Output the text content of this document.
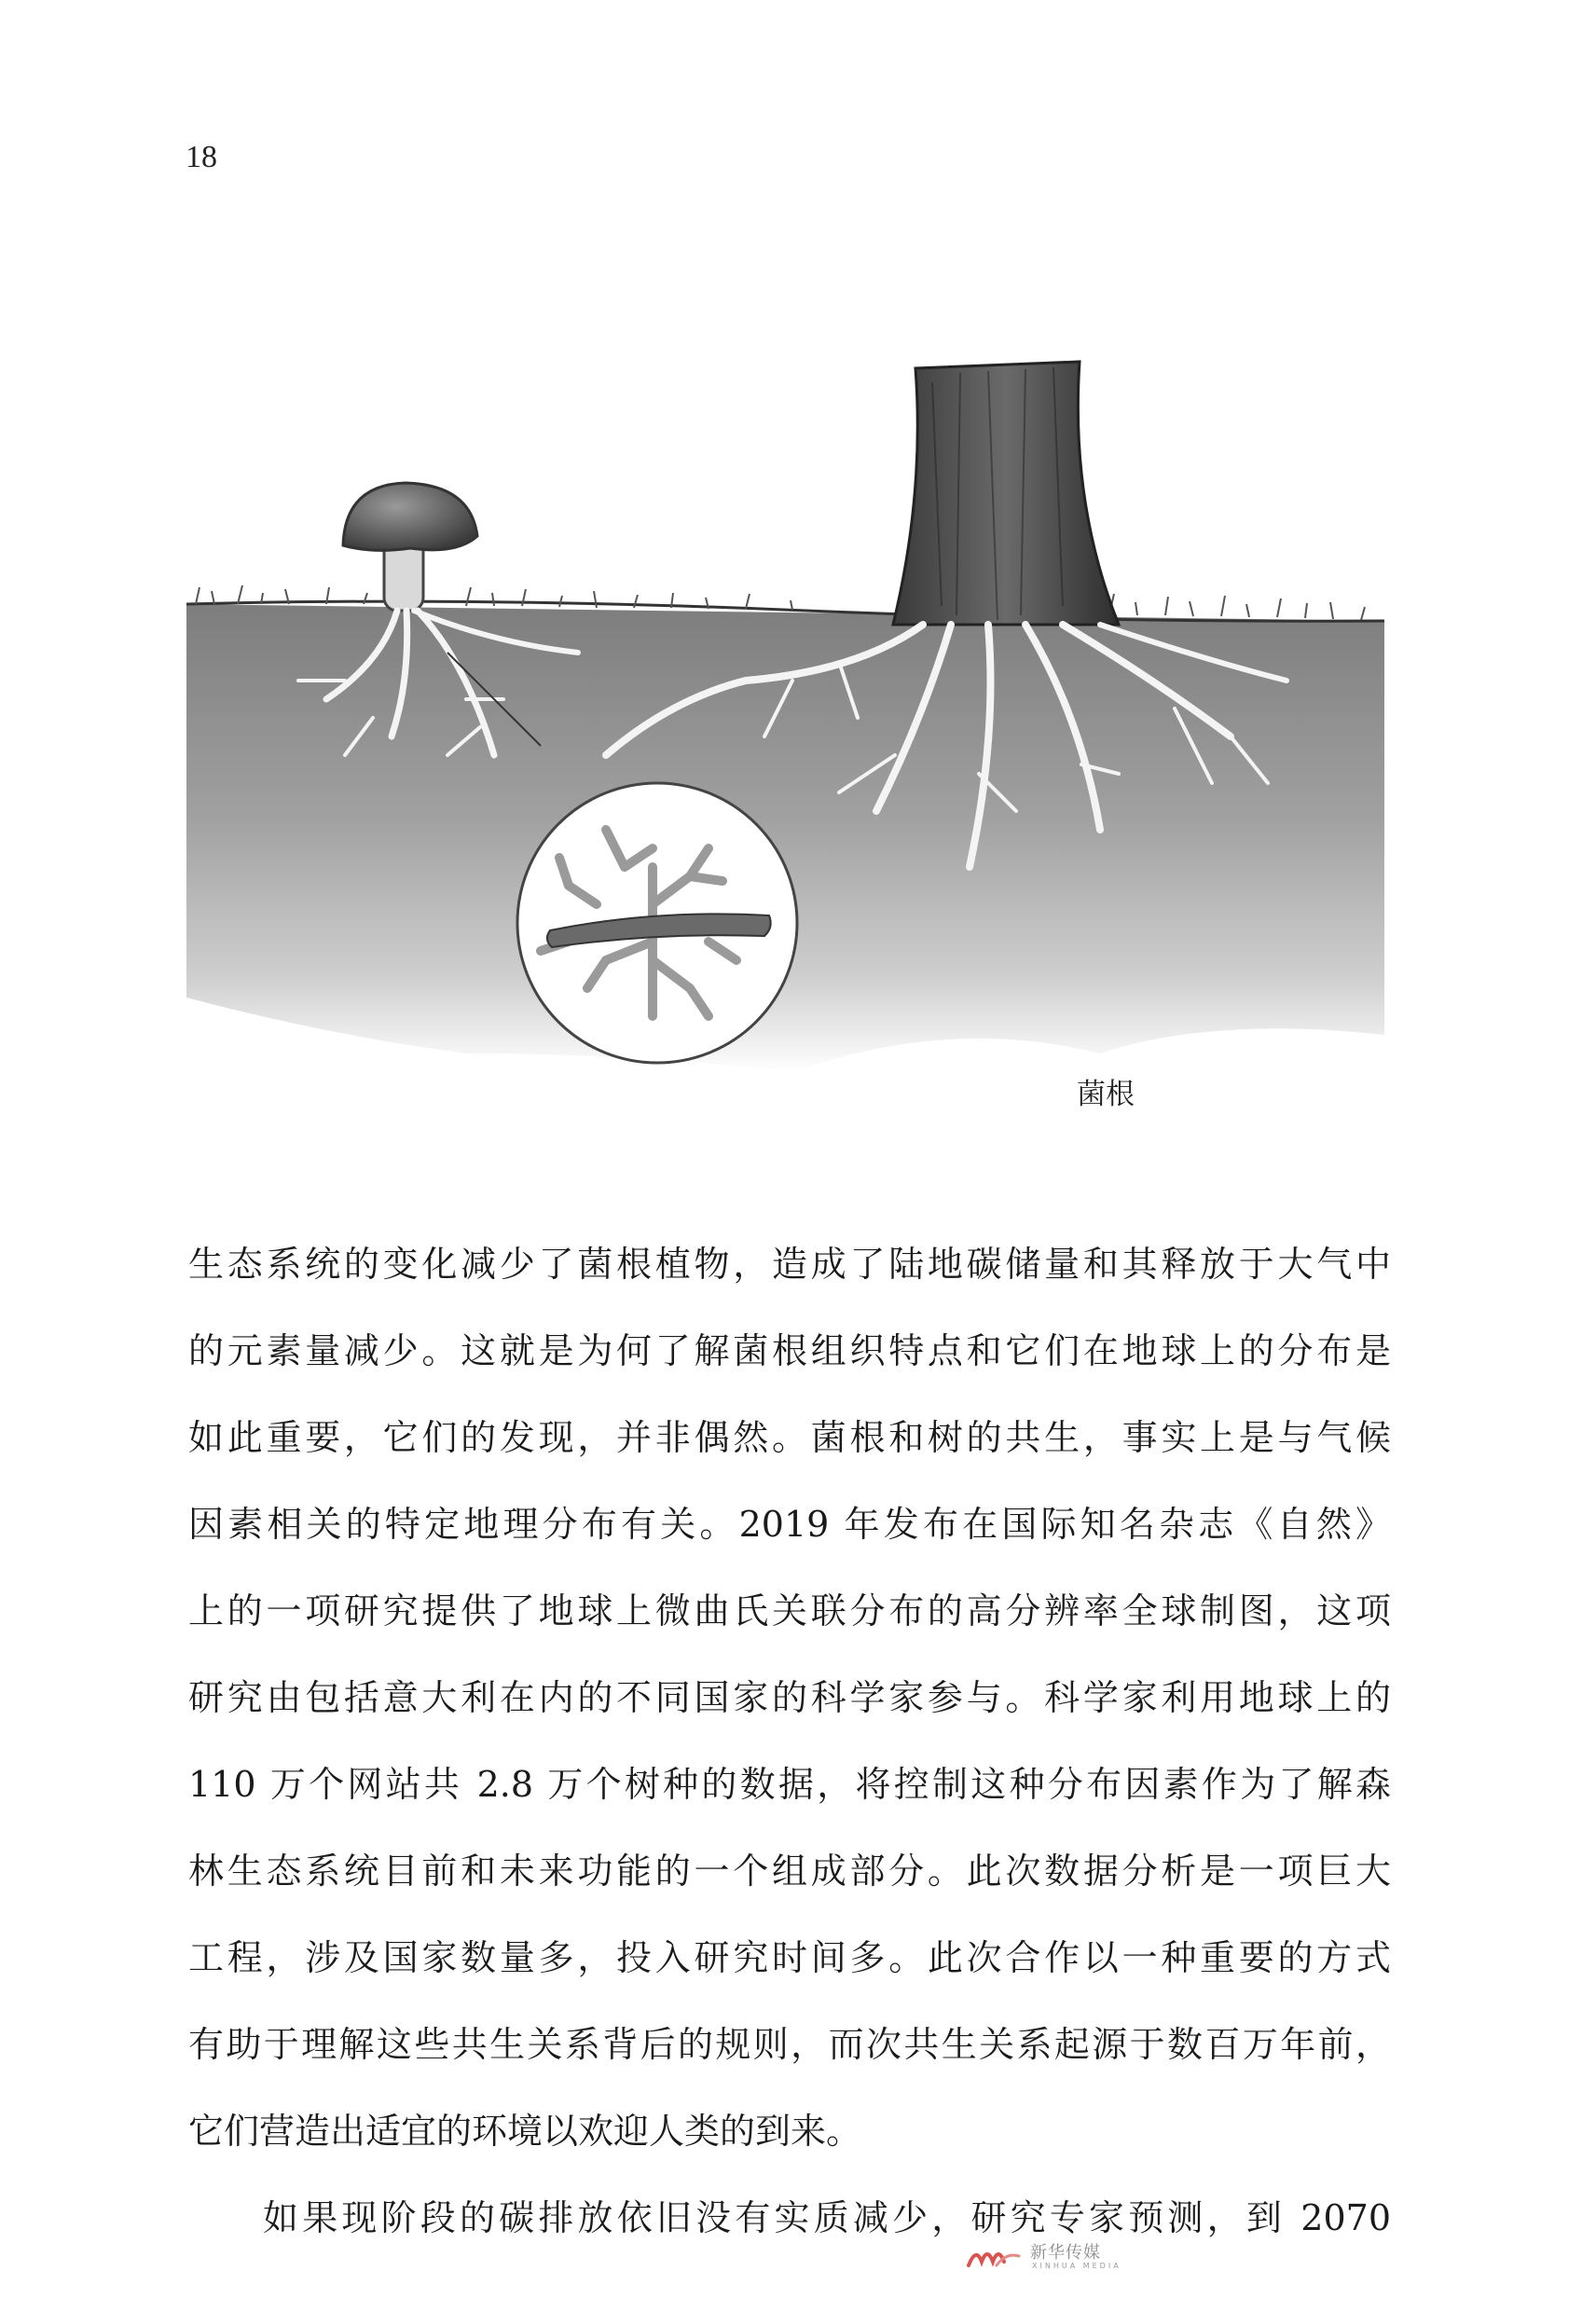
18
菌根
生态系统的变化减少了菌根植物，造成了陆地碳储量和其释放于大气中
的元素量减少。这就是为何了解菌根组织特点和它们在地球上的分布是
如此重要，它们的发现，并非偶然。菌根和树的共生，事实上是与气候
因素相关的特定地理分布有关。2019 年发布在国际知名杂志《自然》
上的一项研究提供了地球上微曲氏关联分布的高分辨率全球制图，这项
研究由包括意大利在内的不同国家的科学家参与。科学家利用地球上的
110 万个网站共 2.8 万个树种的数据，将控制这种分布因素作为了解森
林生态系统目前和未来功能的一个组成部分。此次数据分析是一项巨大
工程，涉及国家数量多，投入研究时间多。此次合作以一种重要的方式
有助于理解这些共生关系背后的规则，而次共生关系起源于数百万年前，
它们营造出适宜的环境以欢迎人类的到来。
如果现阶段的碳排放依旧没有实质减少，研究专家预测，到 2070
新华传媒
XINHUA MEDIA
